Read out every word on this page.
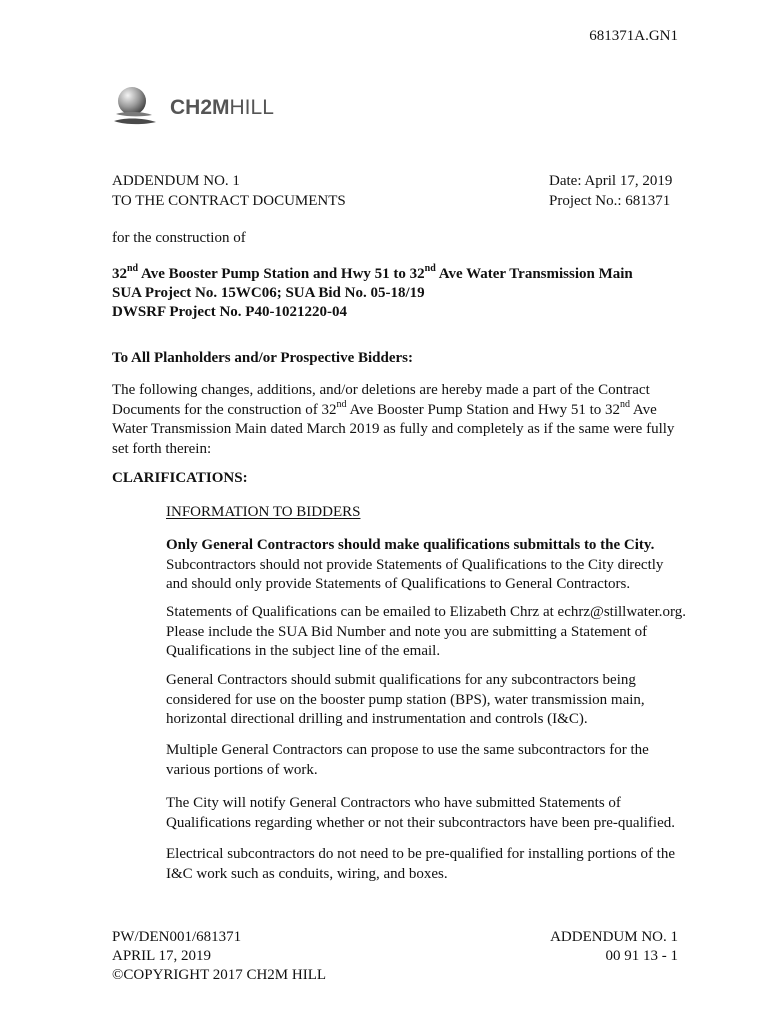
681371A.GN1
CH2MHILL
ADDENDUM NO. 1
TO THE CONTRACT DOCUMENTS
Date: April 17, 2019
Project No.: 681371
for the construction of
32nd Ave Booster Pump Station and Hwy 51 to 32nd Ave Water Transmission Main
SUA Project No. 15WC06; SUA Bid No. 05-18/19
DWSRF Project No. P40-1021220-04
To All Planholders and/or Prospective Bidders:

The following changes, additions, and/or deletions are hereby made a part of the Contract Documents for the construction of 32nd Ave Booster Pump Station and Hwy 51 to 32nd Ave Water Transmission Main dated March 2019 as fully and completely as if the same were fully set forth therein:

CLARIFICATIONS:
INFORMATION TO BIDDERS

Only General Contractors should make qualifications submittals to the City. Subcontractors should not provide Statements of Qualifications to the City directly and should only provide Statements of Qualifications to General Contractors.

Statements of Qualifications can be emailed to Elizabeth Chrz at echrz@stillwater.org. Please include the SUA Bid Number and note you are submitting a Statement of Qualifications in the subject line of the email.

General Contractors should submit qualifications for any subcontractors being considered for use on the booster pump station (BPS), water transmission main, horizontal directional drilling and instrumentation and controls (I&C).

Multiple General Contractors can propose to use the same subcontractors for the various portions of work.

The City will notify General Contractors who have submitted Statements of Qualifications regarding whether or not their subcontractors have been pre-qualified.

Electrical subcontractors do not need to be pre-qualified for installing portions of the I&C work such as conduits, wiring, and boxes.

PW/DEN001/681371
APRIL 17, 2019
©COPYRIGHT 2017 CH2M HILL
ADDENDUM NO. 1
00 91 13 - 1
